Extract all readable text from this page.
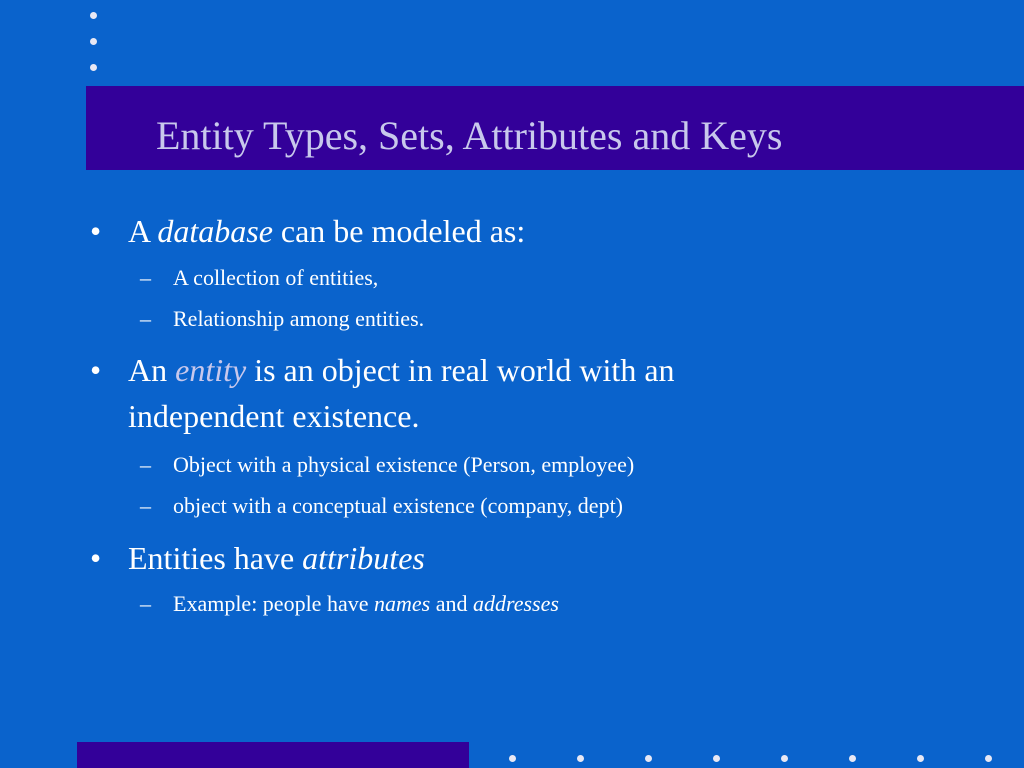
Entity Types, Sets, Attributes and Keys
• A database can be modeled as:
– A collection of entities,
– Relationship among entities.
• An entity is an object in real world with an
independent existence.
– Object with a physical existence (Person, employee)
– object with a conceptual existence (company, dept)
• Entities have attributes
– Example: people have names and addresses
